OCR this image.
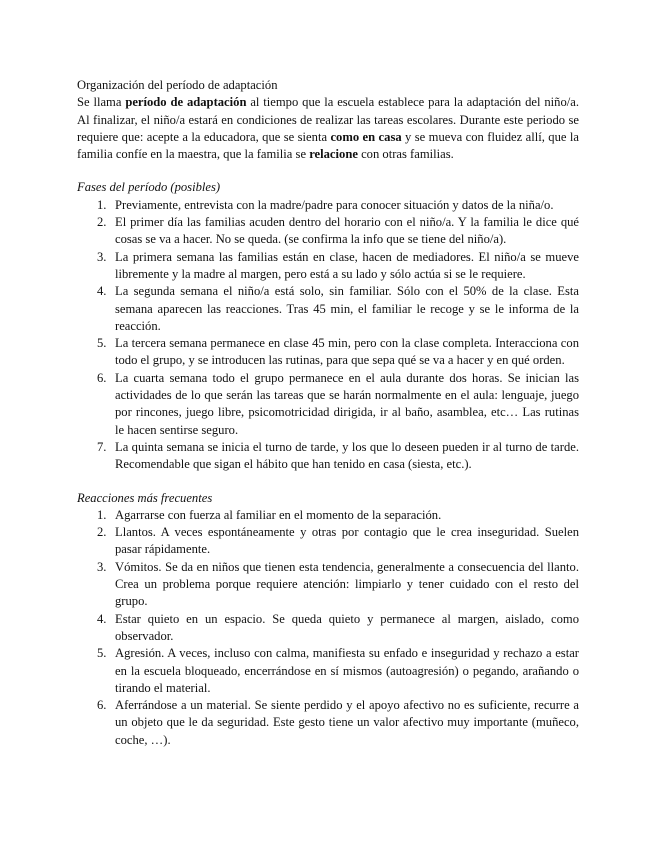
Organización del período de adaptación

Se llama período de adaptación al tiempo que la escuela establece para la adaptación del niño/a. Al finalizar, el niño/a estará en condiciones de realizar las tareas escolares. Durante este periodo se requiere que: acepte a la educadora, que se sienta como en casa y se mueva con fluidez allí, que la familia confíe en la maestra, que la familia se relacione con otras familias.

Fases del período (posibles)

1. Previamente, entrevista con la madre/padre para conocer situación y datos de la niña/o.
2. El primer día las familias acuden dentro del horario con el niño/a. Y la familia le dice qué cosas se va a hacer. No se queda. (se confirma la info que se tiene del niño/a).
3. La primera semana las familias están en clase, hacen de mediadores. El niño/a se mueve libremente y la madre al margen, pero está a su lado y sólo actúa si se le requiere.
4. La segunda semana el niño/a está solo, sin familiar. Sólo con el 50% de la clase. Esta semana aparecen las reacciones. Tras 45 min, el familiar le recoge y se le informa de la reacción.
5. La tercera semana permanece en clase 45 min, pero con la clase completa. Interacciona con todo el grupo, y se introducen las rutinas, para que sepa qué se va a hacer y en qué orden.
6. La cuarta semana todo el grupo permanece en el aula durante dos horas. Se inician las actividades de lo que serán las tareas que se harán normalmente en el aula: lenguaje, juego por rincones, juego libre, psicomotricidad dirigida, ir al baño, asamblea, etc… Las rutinas le hacen sentirse seguro.
7. La quinta semana se inicia el turno de tarde, y los que lo deseen pueden ir al turno de tarde. Recomendable que sigan el hábito que han tenido en casa (siesta, etc.).

Reacciones más frecuentes

1. Agarrarse con fuerza al familiar en el momento de la separación.
2. Llantos. A veces espontáneamente y otras por contagio que le crea inseguridad. Suelen pasar rápidamente.
3. Vómitos. Se da en niños que tienen esta tendencia, generalmente a consecuencia del llanto. Crea un problema porque requiere atención: limpiarlo y tener cuidado con el resto del grupo.
4. Estar quieto en un espacio. Se queda quieto y permanece al margen, aislado, como observador.
5. Agresión. A veces, incluso con calma, manifiesta su enfado e inseguridad y rechazo a estar en la escuela bloqueado, encerrándose en sí mismos (autoagresión) o pegando, arañando o tirando el material.
6. Aferrándose a un material. Se siente perdido y el apoyo afectivo no es suficiente, recurre a un objeto que le da seguridad. Este gesto tiene un valor afectivo muy importante (muñeco, coche, …).
